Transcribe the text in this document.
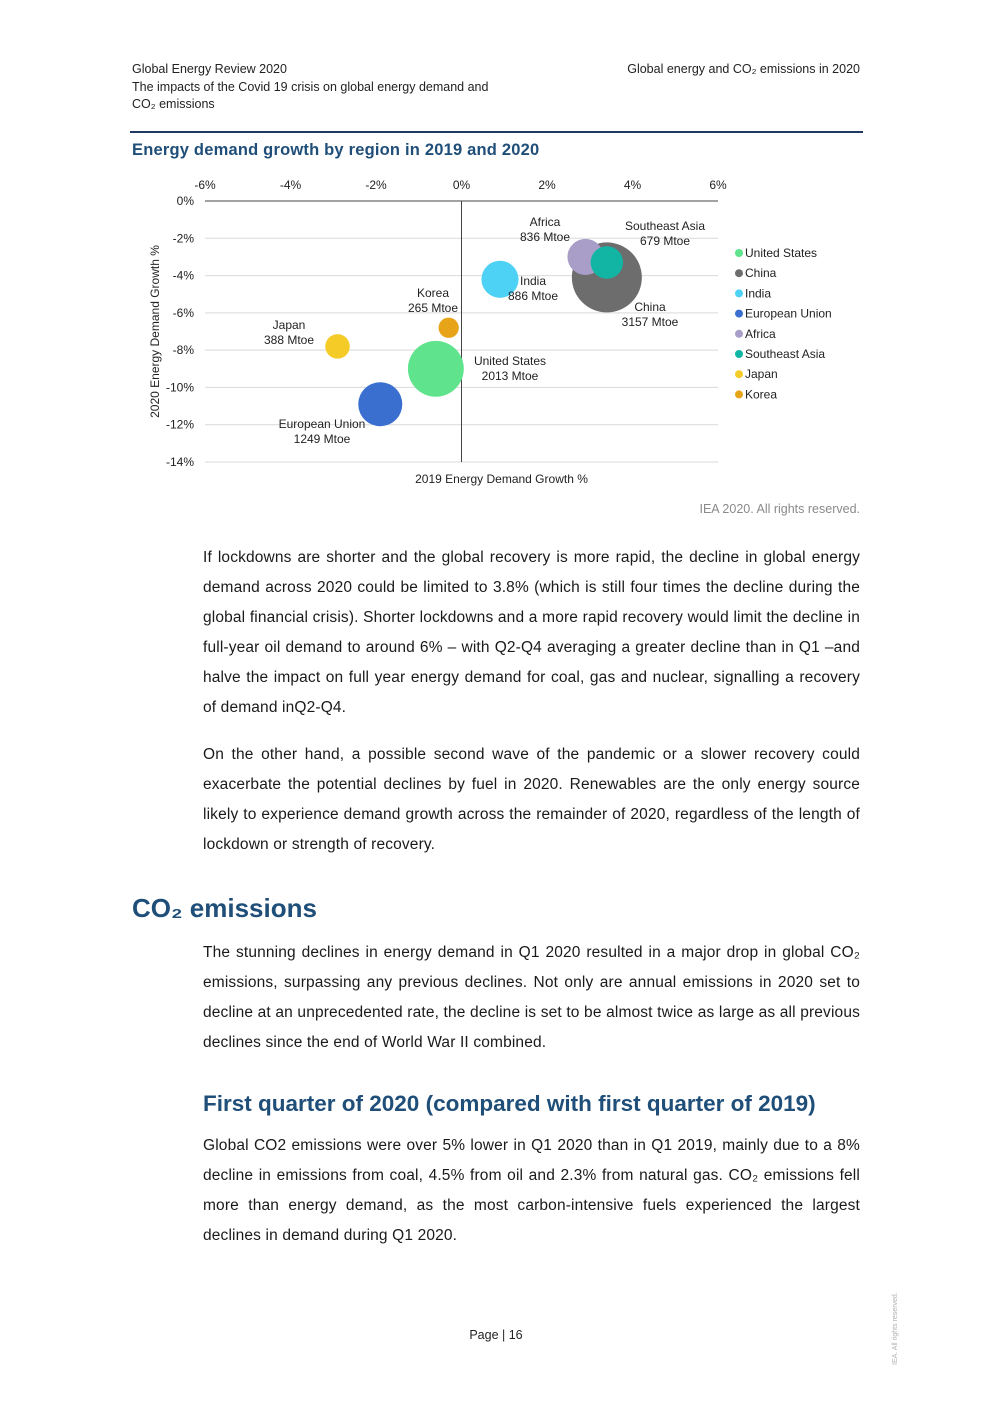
Global Energy Review 2020
The impacts of the Covid 19 crisis on global energy demand and CO₂ emissions
Global energy and CO₂ emissions in 2020
Energy demand growth by region in 2019 and 2020
0%
-2%
-4%
-6%
-8%
-10%
-12%
-14%
-6%	-4%	-2%	0%	2%	4%	6%
2019 Energy Demand Growth %
2020 Energy Demand Growth %	United States
2013 Mtoe
China
3157 Mtoe
India
886 Mtoe
European Union
1249 Mtoe
Africa
836 Mtoe
Southeast Asia
679 Mtoe
Japan
388 Mtoe
Korea
265 Mtoe
United States
China
India
European Union
Africa
Southeast Asia
Japan
Korea
IEA 2020. All rights reserved.

If lockdowns are shorter and the global recovery is more rapid, the decline in global energy demand across 2020 could be limited to 3.8% (which is still four times the decline during the global financial crisis). Shorter lockdowns and a more rapid recovery would limit the decline in full-year oil demand to around 6% – with Q2-Q4 averaging a greater decline than in Q1 –and halve the impact on full year energy demand for coal, gas and nuclear, signalling a recovery of demand inQ2-Q4.

On the other hand, a possible second wave of the pandemic or a slower recovery could exacerbate the potential declines by fuel in 2020. Renewables are the only energy source likely to experience demand growth across the remainder of 2020, regardless of the length of lockdown or strength of recovery.

CO₂ emissions

The stunning declines in energy demand in Q1 2020 resulted in a major drop in global CO₂ emissions, surpassing any previous declines. Not only are annual emissions in 2020 set to decline at an unprecedented rate, the decline is set to be almost twice as large as all previous declines since the end of World War II combined.

First quarter of 2020 (compared with first quarter of 2019)

Global CO2 emissions were over 5% lower in Q1 2020 than in Q1 2019, mainly due to a 8% decline in emissions from coal, 4.5% from oil and 2.3% from natural gas. CO₂ emissions fell more than energy demand, as the most carbon-intensive fuels experienced the largest declines in demand during Q1 2020.

Page | 16	IEA. All rights reserved.
